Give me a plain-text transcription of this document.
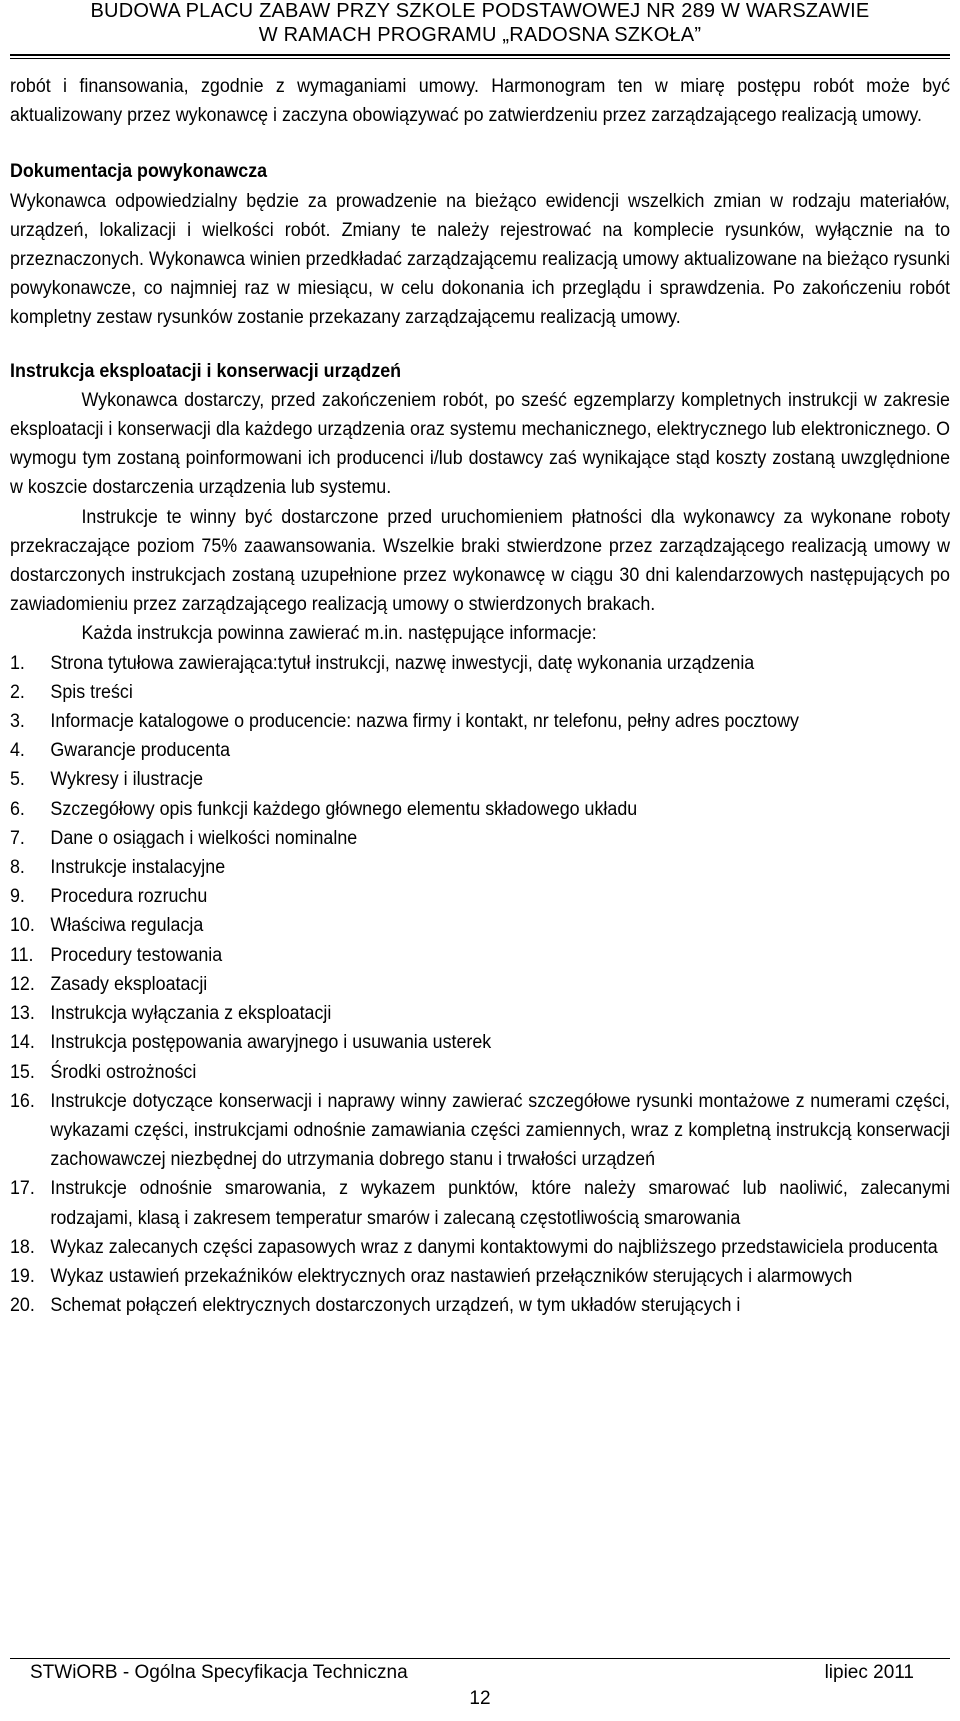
BUDOWA PLACU ZABAW PRZY SZKOLE PODSTAWOWEJ NR 289 W WARSZAWIE
W RAMACH PROGRAMU „RADOSNA SZKOŁA”

robót i finansowania, zgodnie z wymaganiami umowy. Harmonogram ten w miarę postępu robót może być aktualizowany przez wykonawcę i zaczyna obowiązywać po zatwierdzeniu przez zarządzającego realizacją umowy.

Dokumentacja powykonawcza

Wykonawca odpowiedzialny będzie za prowadzenie na bieżąco ewidencji wszelkich zmian w rodzaju materiałów, urządzeń, lokalizacji i wielkości robót. Zmiany te należy rejestrować na komplecie rysunków, wyłącznie na to przeznaczonych. Wykonawca winien przedkładać zarządzającemu realizacją umowy aktualizowane na bieżąco rysunki powykonawcze, co najmniej raz w miesiącu, w celu dokonania ich przeglądu i sprawdzenia. Po zakończeniu robót kompletny zestaw rysunków zostanie przekazany zarządzającemu realizacją umowy.

Instrukcja eksploatacji i konserwacji urządzeń

Wykonawca dostarczy, przed zakończeniem robót, po sześć egzemplarzy kompletnych instrukcji w zakresie eksploatacji i konserwacji dla każdego urządzenia oraz systemu mechanicznego, elektrycznego lub elektronicznego. O wymogu tym zostaną poinformowani ich producenci i/lub dostawcy zaś wynikające stąd koszty zostaną uwzględnione w koszcie dostarczenia urządzenia lub systemu.

Instrukcje te winny być dostarczone przed uruchomieniem płatności dla wykonawcy za wykonane roboty przekraczające poziom 75% zaawansowania. Wszelkie braki stwierdzone przez zarządzającego realizacją umowy w dostarczonych instrukcjach zostaną uzupełnione przez wykonawcę w ciągu 30 dni kalendarzowych następujących po zawiadomieniu przez zarządzającego realizacją umowy o stwierdzonych brakach.

Każda instrukcja powinna zawierać m.in. następujące informacje:

1. Strona tytułowa zawierająca:tytuł instrukcji, nazwę inwestycji, datę wykonania urządzenia
2. Spis treści
3. Informacje katalogowe o producencie: nazwa firmy i kontakt, nr telefonu, pełny adres pocztowy
4. Gwarancje producenta
5. Wykresy i ilustracje
6. Szczegółowy opis funkcji każdego głównego elementu składowego układu
7. Dane o osiągach i wielkości nominalne
8. Instrukcje instalacyjne
9. Procedura rozruchu
10. Właściwa regulacja
11. Procedury testowania
12. Zasady eksploatacji
13. Instrukcja wyłączania z eksploatacji
14. Instrukcja postępowania awaryjnego i usuwania usterek
15. Środki ostrożności
16. Instrukcje dotyczące konserwacji i naprawy winny zawierać szczegółowe rysunki montażowe z numerami części, wykazami części, instrukcjami odnośnie zamawiania części zamiennych, wraz z kompletną instrukcją konserwacji zachowawczej niezbędnej do utrzymania dobrego stanu i trwałości urządzeń
17. Instrukcje odnośnie smarowania, z wykazem punktów, które należy smarować lub naoliwić, zalecanymi rodzajami, klasą i zakresem temperatur smarów i zalecaną częstotliwością smarowania
18. Wykaz zalecanych części zapasowych wraz z danymi kontaktowymi do najbliższego przedstawiciela producenta
19. Wykaz ustawień przekaźników elektrycznych oraz nastawień przełączników sterujących i alarmowych
20. Schemat połączeń elektrycznych dostarczonych urządzeń, w tym układów sterujących i
STWiORB - Ogólna Specyfikacja Techniczna	lipiec 2011
12
